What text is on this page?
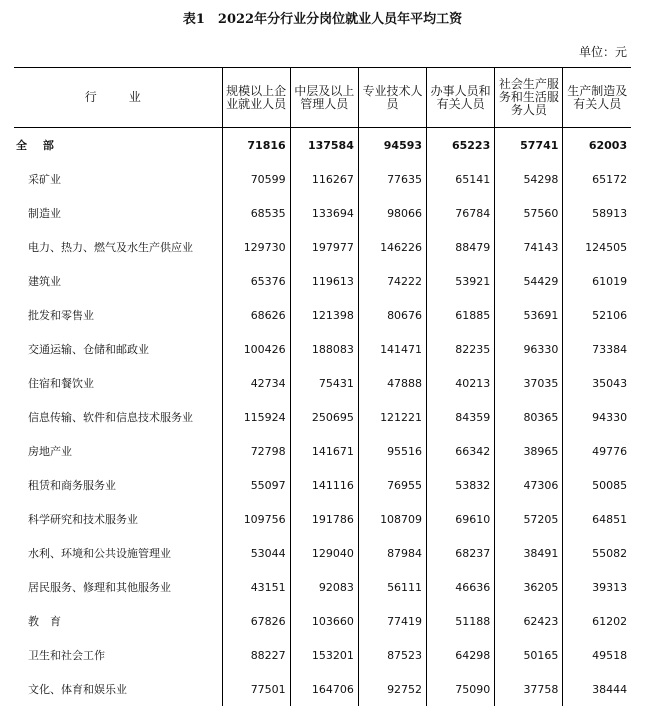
表1　2022年分行业分岗位就业人员年平均工资
单位：元
行　业	规模以上企业就业人员	中层及以上管理人员	专业技术人员	办事人员和有关人员	社会生产服务和生活服务人员	生产制造及有关人员
全 部	71816	137584	94593	65223	57741	62003
采矿业	70599	116267	77635	65141	54298	65172
制造业	68535	133694	98066	76784	57560	58913
电力、热力、燃气及水生产供应业	129730	197977	146226	88479	74143	124505
建筑业	65376	119613	74222	53921	54429	61019
批发和零售业	68626	121398	80676	61885	53691	52106
交通运输、仓储和邮政业	100426	188083	141471	82235	96330	73384
住宿和餐饮业	42734	75431	47888	40213	37035	35043
信息传输、软件和信息技术服务业	115924	250695	121221	84359	80365	94330
房地产业	72798	141671	95516	66342	38965	49776
租赁和商务服务业	55097	141116	76955	53832	47306	50085
科学研究和技术服务业	109756	191786	108709	69610	57205	64851
水利、环境和公共设施管理业	53044	129040	87984	68237	38491	55082
居民服务、修理和其他服务业	43151	92083	56111	46636	36205	39313
教　育	67826	103660	77419	51188	62423	61202
卫生和社会工作	88227	153201	87523	64298	50165	49518
文化、体育和娱乐业	77501	164706	92752	75090	37758	38444
